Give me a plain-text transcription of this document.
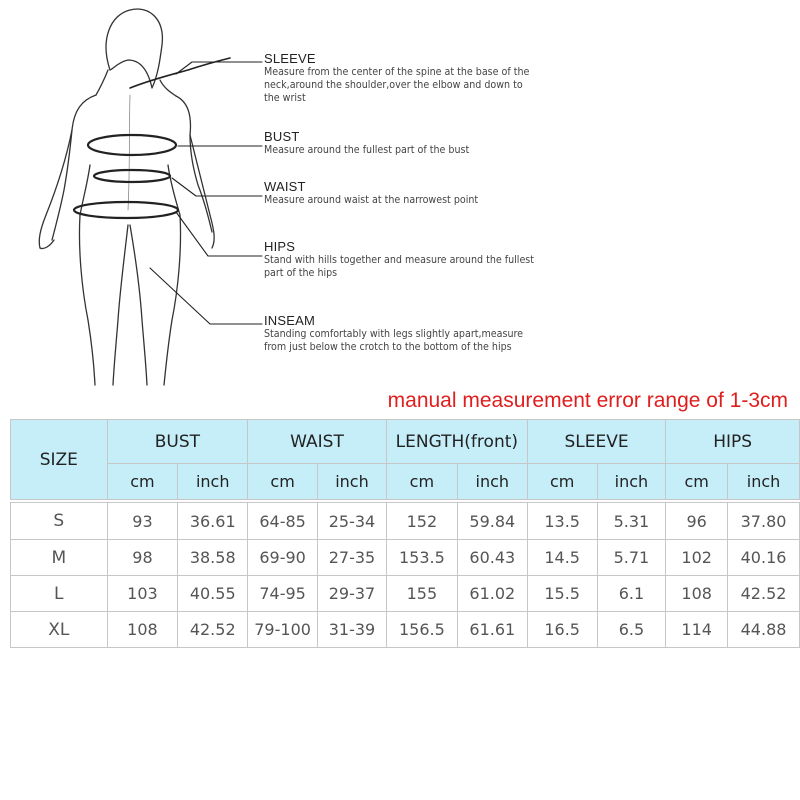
SLEEVE
Measure from the center of the spine at the base of the
neck,around the shoulder,over the elbow and down to
the wrist
BUST
Measure around the fullest part of the bust
WAIST
Measure around waist at the narrowest point
HIPS
Stand with hills together and measure around the fullest
part of the hips
INSEAM
Standing comfortably with legs slightly apart,measure
from just below the crotch to the bottom of the hips
manual measurement error range of 1-3cm
SIZE	BUST		WAIST		LENGTH(front)		SLEEVE		HIPS	
	cm	inch	cm	inch	cm	inch	cm	inch	cm	inch

S	93	36.61	64-85	25-34	152	59.84	13.5	5.31	96	37.80
M	98	38.58	69-90	27-35	153.5	60.43	14.5	5.71	102	40.16
L	103	40.55	74-95	29-37	155	61.02	15.5	6.1	108	42.52
XL	108	42.52	79-100	31-39	156.5	61.61	16.5	6.5	114	44.88
